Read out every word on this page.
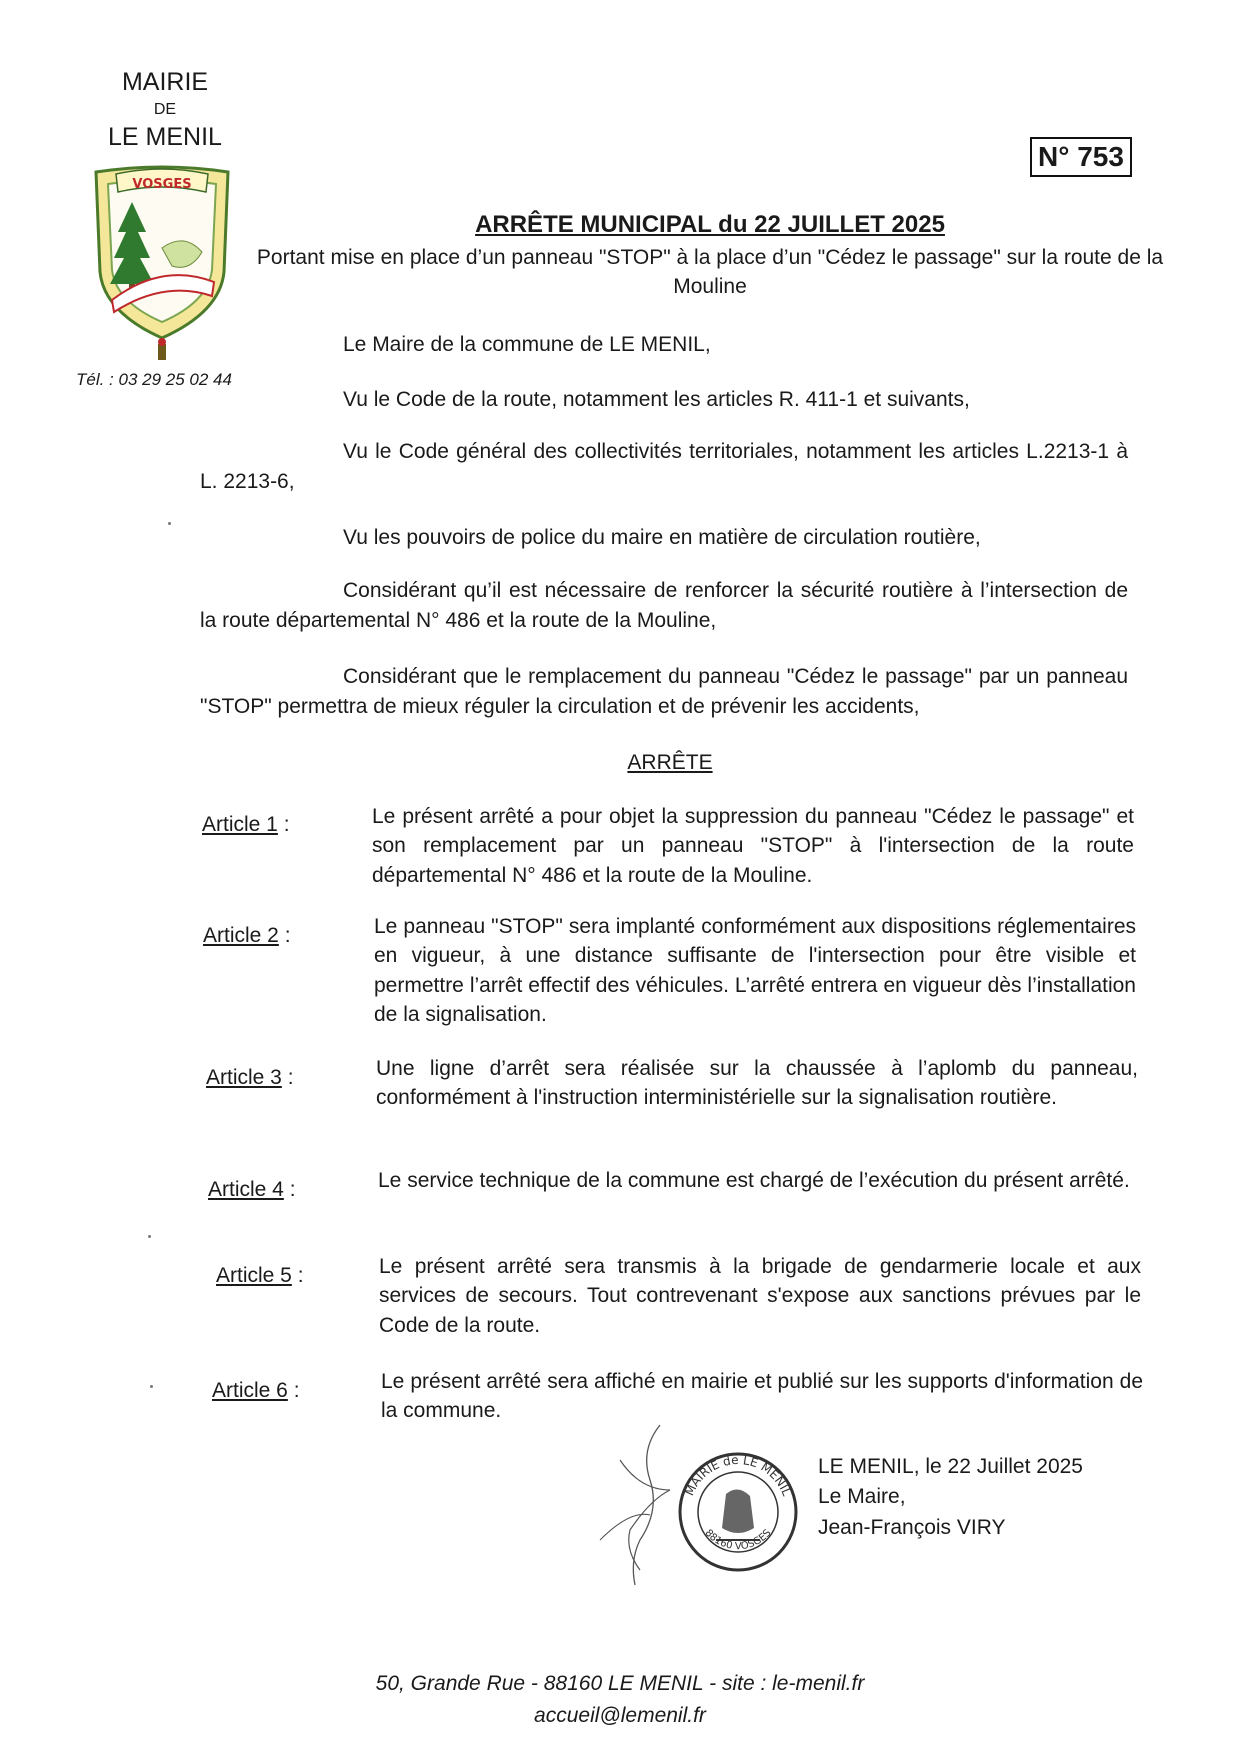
MAIRIE
DE
LE MENIL
VOSGES
Tél. : 03 29 25 02 44
N° 753
ARRÊTE MUNICIPAL du 22 JUILLET 2025
Portant mise en place d’un panneau "STOP" à la place d’un "Cédez le passage" sur la route de la Mouline
Le Maire de la commune de LE MENIL,
Vu le Code de la route, notamment les articles R. 411-1 et suivants,
Vu le Code général des collectivités territoriales, notamment les articles L.2213-1 à L. 2213-6,
Vu les pouvoirs de police du maire en matière de circulation routière,
Considérant qu’il est nécessaire de renforcer la sécurité routière à l’intersection de la route départemental N° 486 et la route de la Mouline,
Considérant que le remplacement du panneau "Cédez le passage" par un panneau "STOP" permettra de mieux réguler la circulation et de prévenir les accidents,
ARRÊTE
Article 1 :	Le présent arrêté a pour objet la suppression du panneau "Cédez le passage" et son remplacement par un panneau "STOP" à l'intersection de la route départemental N° 486 et la route de la Mouline.
Article 2 :	Le panneau "STOP" sera implanté conformément aux dispositions réglementaires en vigueur, à une distance suffisante de l'intersection pour être visible et permettre l’arrêt effectif des véhicules. L’arrêté entrera en vigueur dès l’installation de la signalisation.
Article 3 :	Une ligne d’arrêt sera réalisée sur la chaussée à l’aplomb du panneau, conformément à l'instruction interministérielle sur la signalisation routière.
Article 4 :	Le service technique de la commune est chargé de l’exécution du présent arrêté.
Article 5 :	Le présent arrêté sera transmis à la brigade de gendarmerie locale et aux services de secours. Tout contrevenant s'expose aux sanctions prévues par le Code de la route.
Article 6 :	Le présent arrêté sera affiché en mairie et publié sur les supports d'information de la commune.
MAIRIE de LE MENIL
88160 VOSGES
LE MENIL, le 22 Juillet 2025
Le Maire,
Jean-François VIRY
50, Grande Rue - 88160 LE MENIL - site : le-menil.fr
accueil@lemenil.fr
